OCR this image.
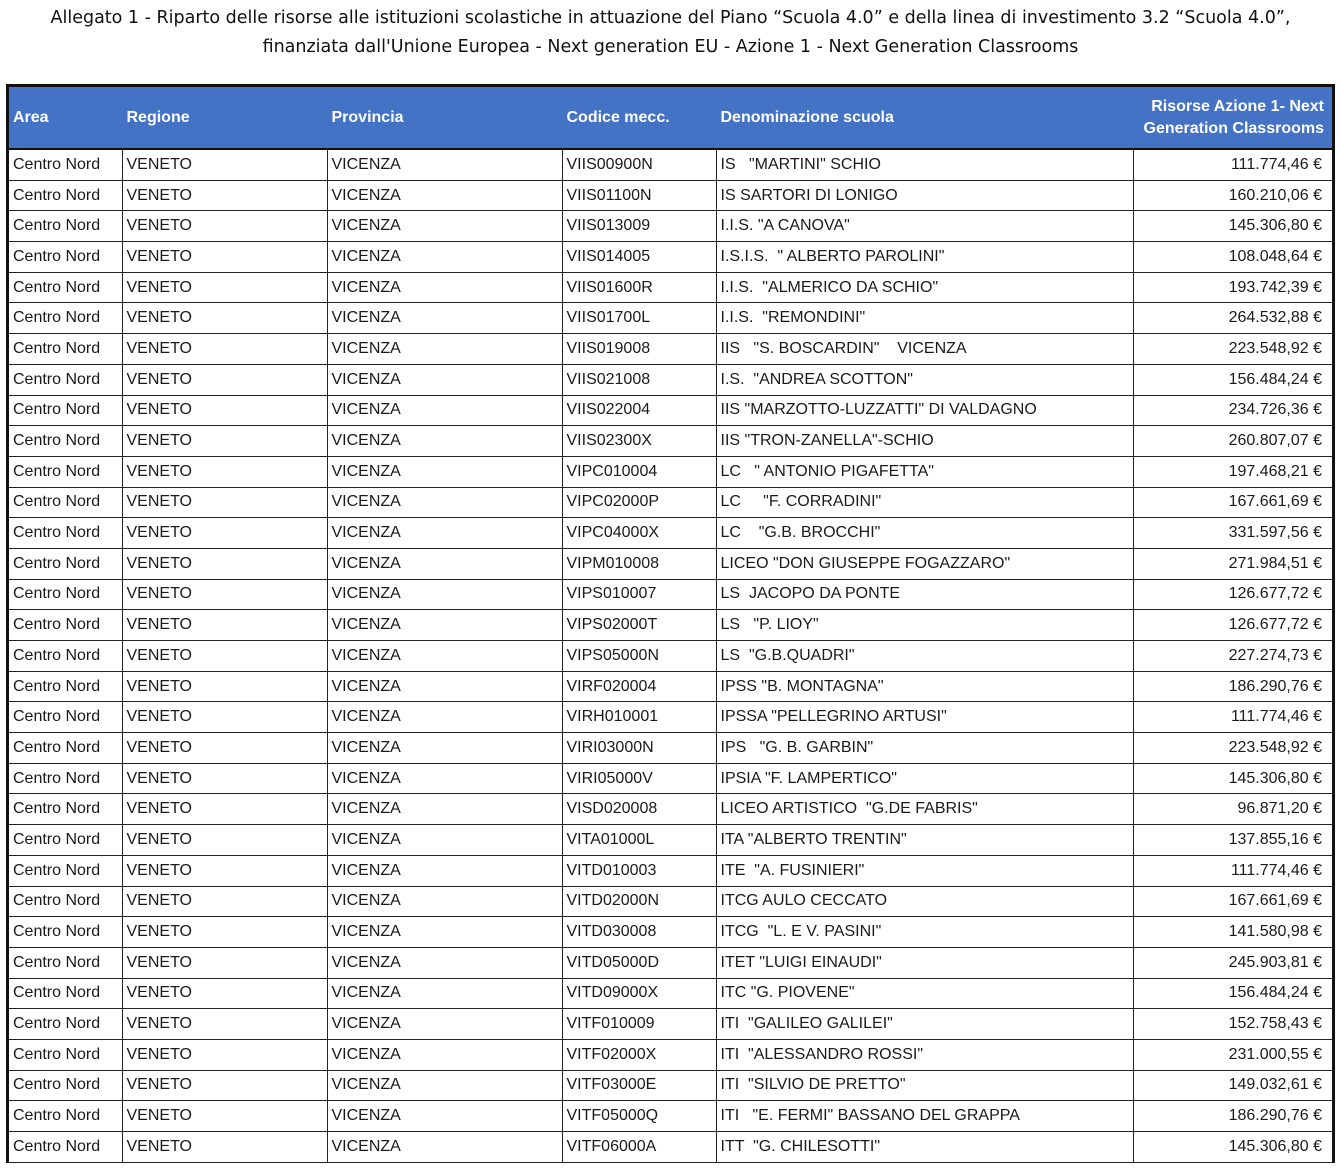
Allegato 1 - Riparto delle risorse alle istituzioni scolastiche in attuazione del Piano “Scuola 4.0” e della linea di investimento 3.2 “Scuola 4.0”,
finanziata dall'Unione Europea - Next generation EU - Azione 1 - Next Generation Classrooms
Area	Regione	Provincia	Codice mecc.	Denominazione scuola	Risorse Azione 1- Next
Generation Classrooms

Centro Nord	VENETO	VICENZA	VIIS00900N	IS   "MARTINI" SCHIO	111.774,46 €
Centro Nord	VENETO	VICENZA	VIIS01100N	IS SARTORI DI LONIGO	160.210,06 €
Centro Nord	VENETO	VICENZA	VIIS013009	I.I.S. "A CANOVA"	145.306,80 €
Centro Nord	VENETO	VICENZA	VIIS014005	I.S.I.S.  " ALBERTO PAROLINI"	108.048,64 €
Centro Nord	VENETO	VICENZA	VIIS01600R	I.I.S.  "ALMERICO DA SCHIO"	193.742,39 €
Centro Nord	VENETO	VICENZA	VIIS01700L	I.I.S.  "REMONDINI"	264.532,88 €
Centro Nord	VENETO	VICENZA	VIIS019008	IIS   "S. BOSCARDIN"    VICENZA	223.548,92 €
Centro Nord	VENETO	VICENZA	VIIS021008	I.S.  "ANDREA SCOTTON"	156.484,24 €
Centro Nord	VENETO	VICENZA	VIIS022004	IIS "MARZOTTO-LUZZATTI" DI VALDAGNO	234.726,36 €
Centro Nord	VENETO	VICENZA	VIIS02300X	IIS "TRON-ZANELLA"-SCHIO	260.807,07 €
Centro Nord	VENETO	VICENZA	VIPC010004	LC   " ANTONIO PIGAFETTA"	197.468,21 €
Centro Nord	VENETO	VICENZA	VIPC02000P	LC     "F. CORRADINI"	167.661,69 €
Centro Nord	VENETO	VICENZA	VIPC04000X	LC    "G.B. BROCCHI"	331.597,56 €
Centro Nord	VENETO	VICENZA	VIPM010008	LICEO "DON GIUSEPPE FOGAZZARO"	271.984,51 €
Centro Nord	VENETO	VICENZA	VIPS010007	LS  JACOPO DA PONTE	126.677,72 €
Centro Nord	VENETO	VICENZA	VIPS02000T	LS   "P. LIOY"	126.677,72 €
Centro Nord	VENETO	VICENZA	VIPS05000N	LS  "G.B.QUADRI"	227.274,73 €
Centro Nord	VENETO	VICENZA	VIRF020004	IPSS "B. MONTAGNA"	186.290,76 €
Centro Nord	VENETO	VICENZA	VIRH010001	IPSSA "PELLEGRINO ARTUSI"	111.774,46 €
Centro Nord	VENETO	VICENZA	VIRI03000N	IPS   "G. B. GARBIN"	223.548,92 €
Centro Nord	VENETO	VICENZA	VIRI05000V	IPSIA "F. LAMPERTICO"	145.306,80 €
Centro Nord	VENETO	VICENZA	VISD020008	LICEO ARTISTICO  "G.DE FABRIS"	96.871,20 €
Centro Nord	VENETO	VICENZA	VITA01000L	ITA "ALBERTO TRENTIN"	137.855,16 €
Centro Nord	VENETO	VICENZA	VITD010003	ITE  "A. FUSINIERI"	111.774,46 €
Centro Nord	VENETO	VICENZA	VITD02000N	ITCG AULO CECCATO	167.661,69 €
Centro Nord	VENETO	VICENZA	VITD030008	ITCG  "L. E V. PASINI"	141.580,98 €
Centro Nord	VENETO	VICENZA	VITD05000D	ITET "LUIGI EINAUDI"	245.903,81 €
Centro Nord	VENETO	VICENZA	VITD09000X	ITC "G. PIOVENE"	156.484,24 €
Centro Nord	VENETO	VICENZA	VITF010009	ITI  "GALILEO GALILEI"	152.758,43 €
Centro Nord	VENETO	VICENZA	VITF02000X	ITI  "ALESSANDRO ROSSI"	231.000,55 €
Centro Nord	VENETO	VICENZA	VITF03000E	ITI  "SILVIO DE PRETTO"	149.032,61 €
Centro Nord	VENETO	VICENZA	VITF05000Q	ITI   "E. FERMI" BASSANO DEL GRAPPA	186.290,76 €
Centro Nord	VENETO	VICENZA	VITF06000A	ITT  "G. CHILESOTTI"	145.306,80 €
